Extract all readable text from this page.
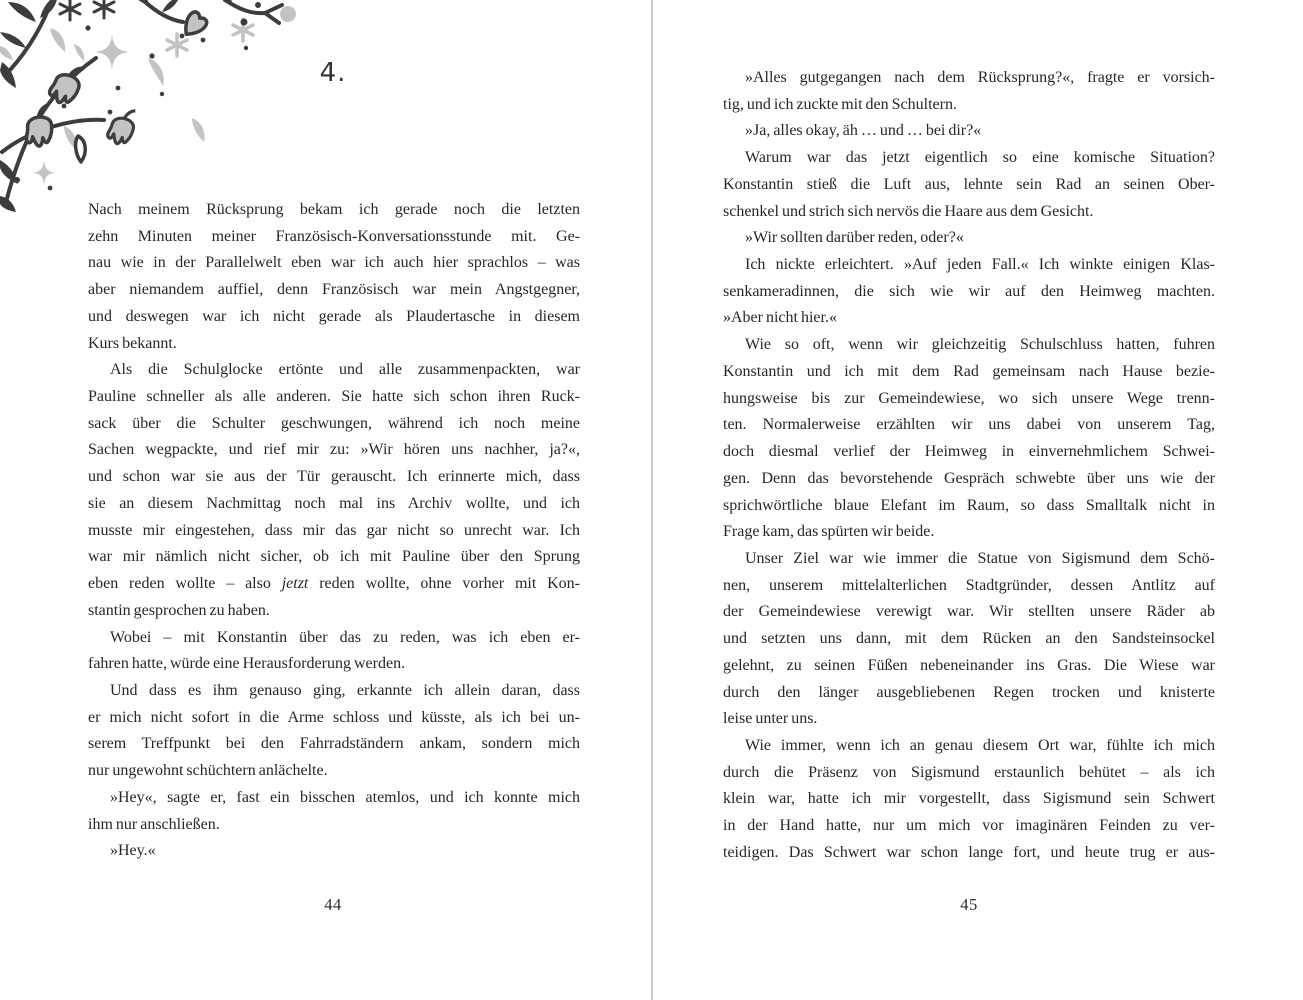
4.
Nach meinem Rücksprung bekam ich gerade noch die letzten
zehn Minuten meiner Französisch-Konversationsstunde mit. Ge-
nau wie in der Parallelwelt eben war ich auch hier sprachlos – was
aber niemandem auffiel, denn Französisch war mein Angstgegner,
und deswegen war ich nicht gerade als Plaudertasche in diesem
Kurs bekannt.
Als die Schulglocke ertönte und alle zusammenpackten, war
Pauline schneller als alle anderen. Sie hatte sich schon ihren Ruck-
sack über die Schulter geschwungen, während ich noch meine
Sachen wegpackte, und rief mir zu: »Wir hören uns nachher, ja?«,
und schon war sie aus der Tür gerauscht. Ich erinnerte mich, dass
sie an diesem Nachmittag noch mal ins Archiv wollte, und ich
musste mir eingestehen, dass mir das gar nicht so unrecht war. Ich
war mir nämlich nicht sicher, ob ich mit Pauline über den Sprung
eben reden wollte – also jetzt reden wollte, ohne vorher mit Kon-
stantin gesprochen zu haben.
Wobei – mit Konstantin über das zu reden, was ich eben er-
fahren hatte, würde eine Herausforderung werden.
Und dass es ihm genauso ging, erkannte ich allein daran, dass
er mich nicht sofort in die Arme schloss und küsste, als ich bei un-
serem Treffpunkt bei den Fahrradständern ankam, sondern mich
nur ungewohnt schüchtern anlächelte.
»Hey«, sagte er, fast ein bisschen atemlos, und ich konnte mich
ihm nur anschließen.
»Hey.«
44
»Alles gutgegangen nach dem Rücksprung?«, fragte er vorsich-
tig, und ich zuckte mit den Schultern.
»Ja, alles okay, äh … und … bei dir?«
Warum war das jetzt eigentlich so eine komische Situation?
Konstantin stieß die Luft aus, lehnte sein Rad an seinen Ober-
schenkel und strich sich nervös die Haare aus dem Gesicht.
»Wir sollten darüber reden, oder?«
Ich nickte erleichtert. »Auf jeden Fall.« Ich winkte einigen Klas-
senkameradinnen, die sich wie wir auf den Heimweg machten.
»Aber nicht hier.«
Wie so oft, wenn wir gleichzeitig Schulschluss hatten, fuhren
Konstantin und ich mit dem Rad gemeinsam nach Hause bezie-
hungsweise bis zur Gemeindewiese, wo sich unsere Wege trenn-
ten. Normalerweise erzählten wir uns dabei von unserem Tag,
doch diesmal verlief der Heimweg in einvernehmlichem Schwei-
gen. Denn das bevorstehende Gespräch schwebte über uns wie der
sprichwörtliche blaue Elefant im Raum, so dass Smalltalk nicht in
Frage kam, das spürten wir beide.
Unser Ziel war wie immer die Statue von Sigismund dem Schö-
nen, unserem mittelalterlichen Stadtgründer, dessen Antlitz auf
der Gemeindewiese verewigt war. Wir stellten unsere Räder ab
und setzten uns dann, mit dem Rücken an den Sandsteinsockel
gelehnt, zu seinen Füßen nebeneinander ins Gras. Die Wiese war
durch den länger ausgebliebenen Regen trocken und knisterte
leise unter uns.
Wie immer, wenn ich an genau diesem Ort war, fühlte ich mich
durch die Präsenz von Sigismund erstaunlich behütet – als ich
klein war, hatte ich mir vorgestellt, dass Sigismund sein Schwert
in der Hand hatte, nur um mich vor imaginären Feinden zu ver-
teidigen. Das Schwert war schon lange fort, und heute trug er aus-
45
